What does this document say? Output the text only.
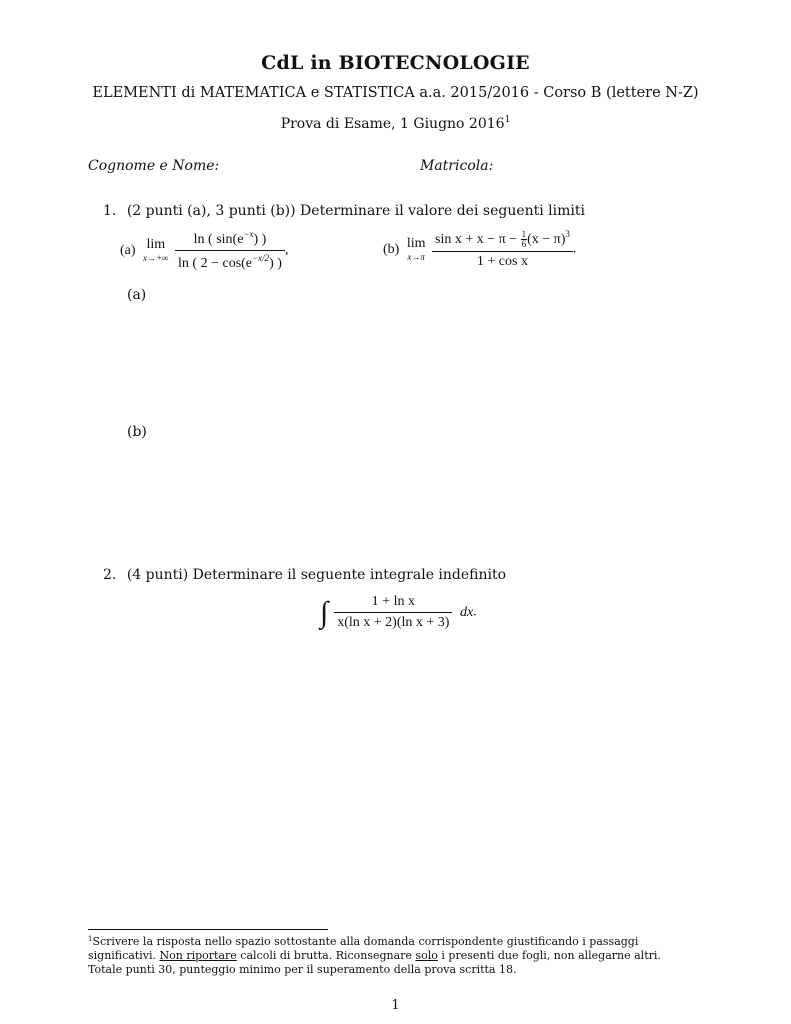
CdL in BIOTECNOLOGIE
ELEMENTI di MATEMATICA e STATISTICA a.a. 2015/2016 - Corso B (lettere N-Z)
Prova di Esame, 1 Giugno 2016$^1$
Cognome e Nome:	Matricola:
1. (2 punti (a), 3 punti (b)) Determinare il valore dei seguenti limiti
(a) lim
x→+∞
$\frac{\ln ( \sin(e^{-x}) )}{\ln ( 2 - \cos(e^{-x/2}) )}$ ,	(b) lim
x→π
$\frac{\sin x + x - \pi - \frac{1}{6} (x - \pi)^3}{\text{1 + cos x}}$ .
(a)
(b)
2. (4 punti) Determinare il seguente integrale indefinito
∫ $\frac{\text{1 + ln x}}{\text{x(ln x + 2)(ln x + 3)}}$ dx.
$^1$Scrivere la risposta nello spazio sottostante alla domanda corrispondente giustificando i passaggi significativi. Non riportare calcoli di brutta. Riconsegnare solo i presenti due fogli, non allegarne altri. Totale punti 30, punteggio minimo per il superamento della prova scritta 18.
1
